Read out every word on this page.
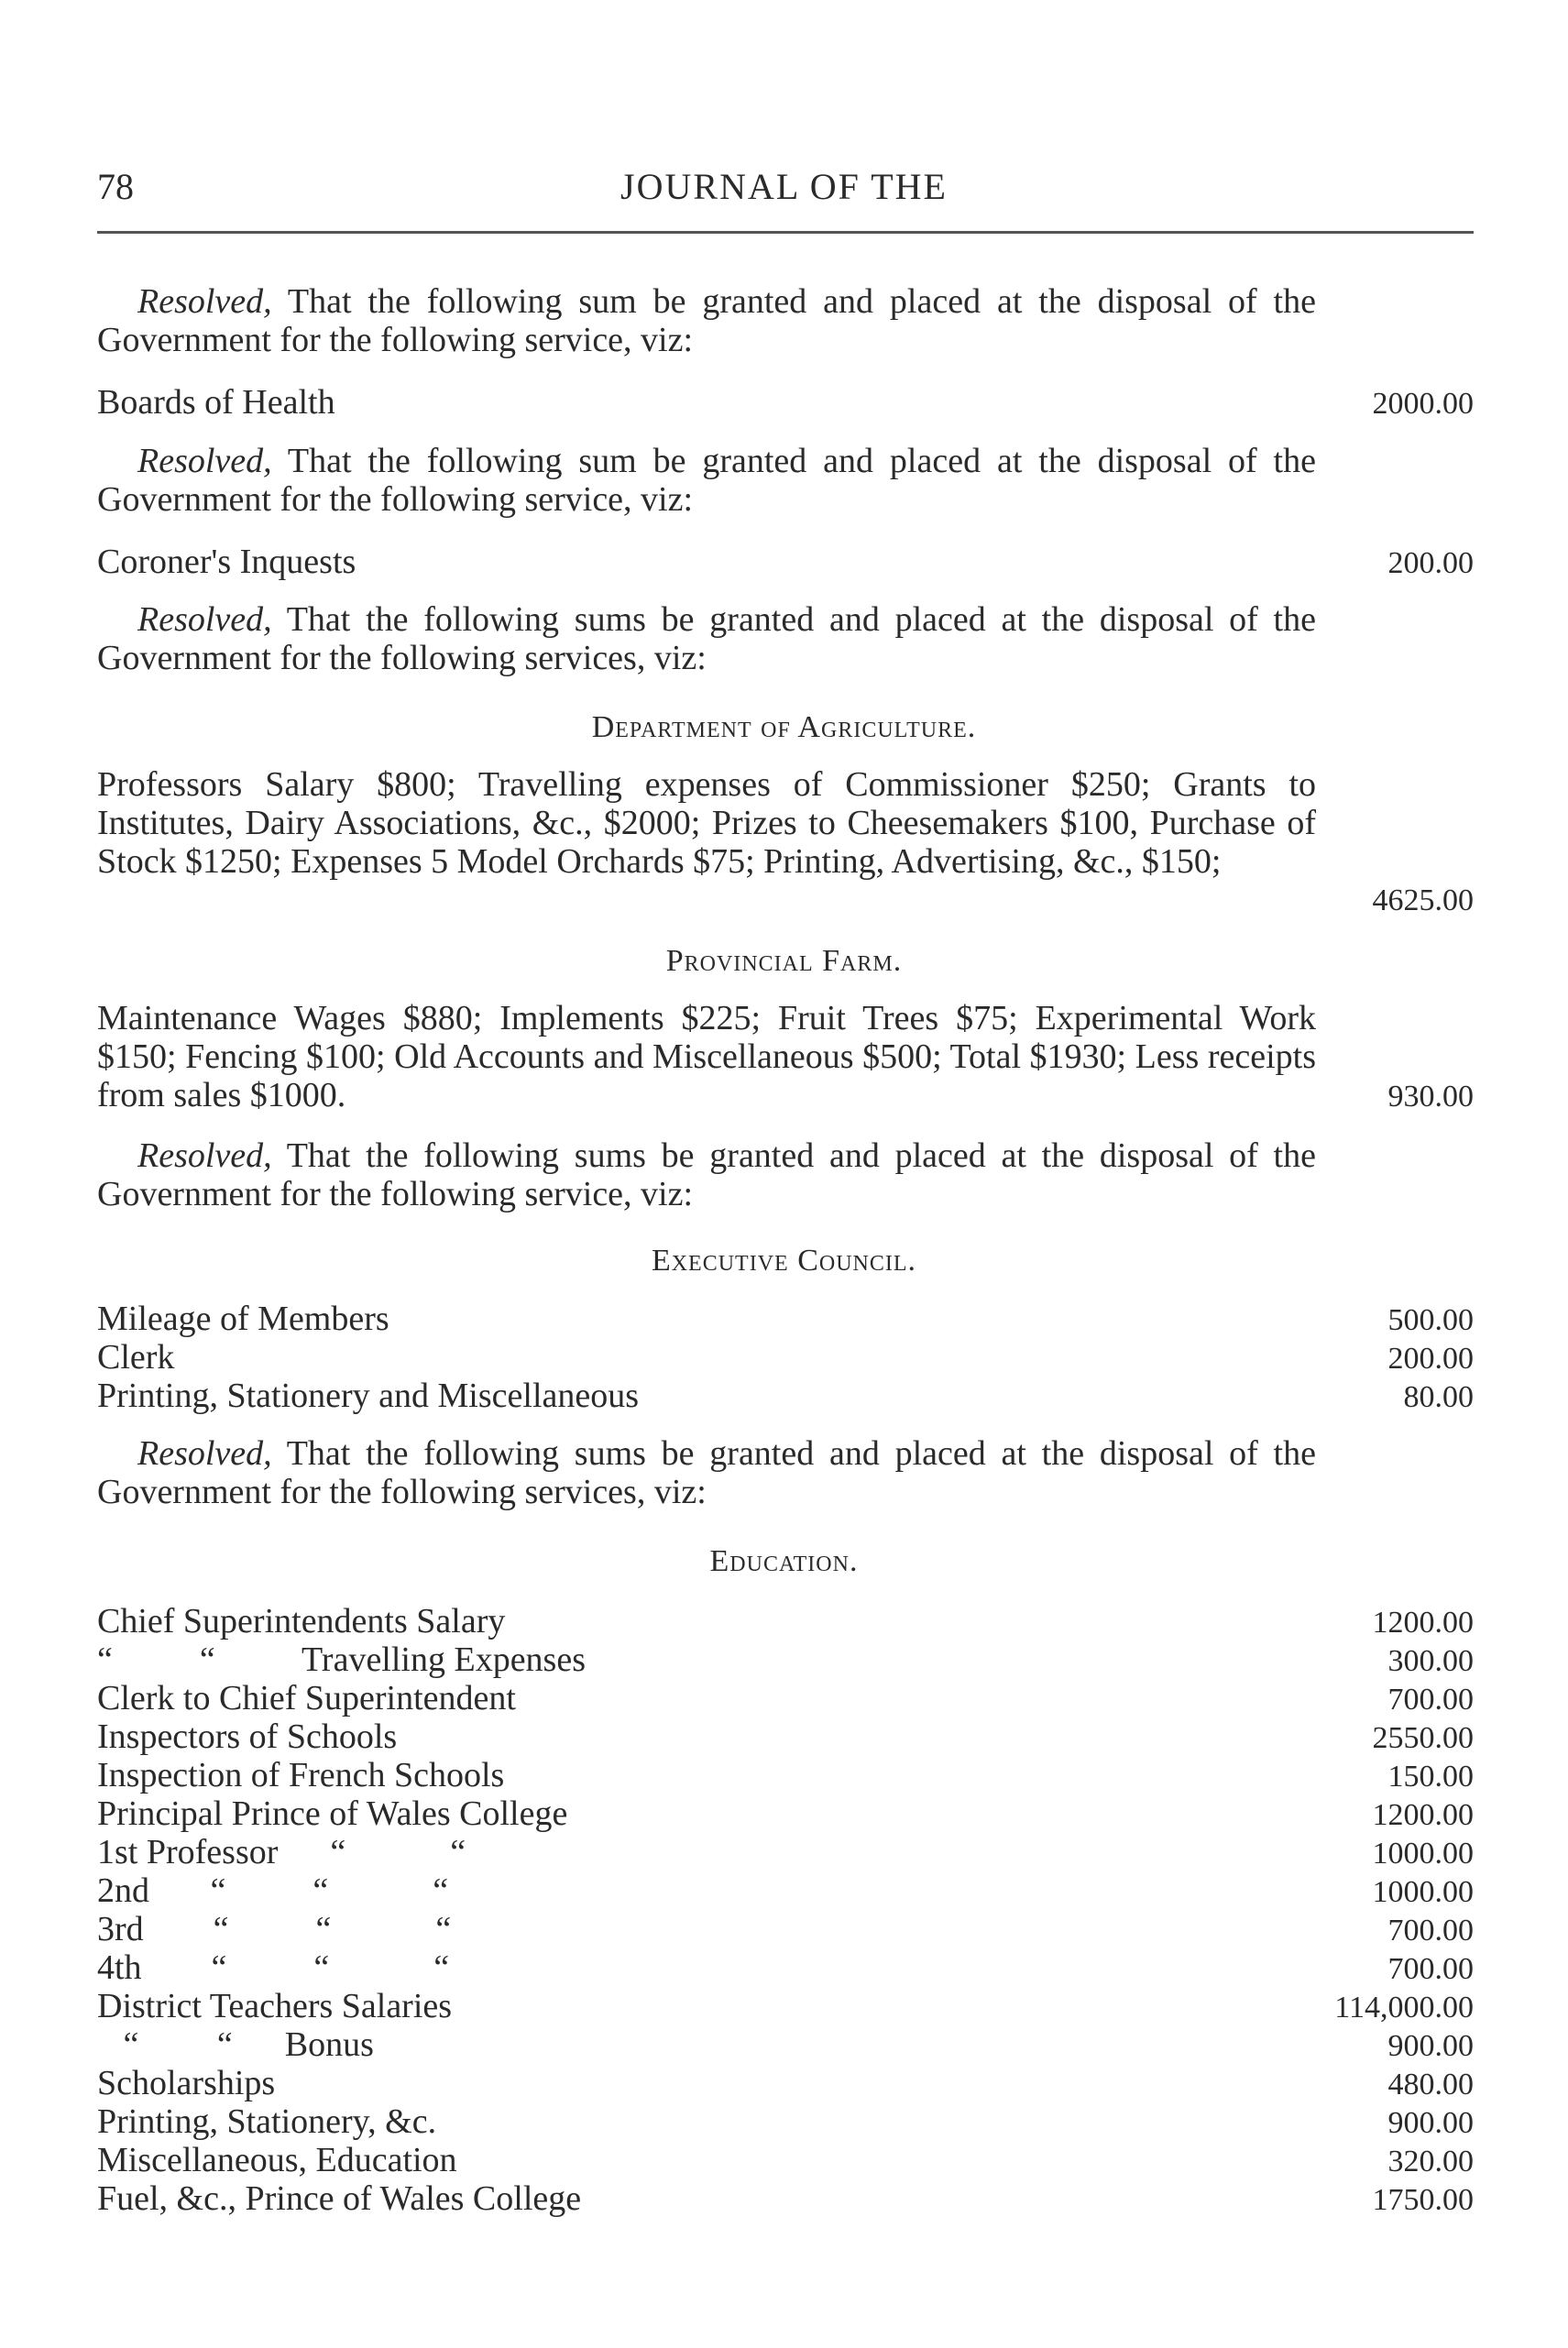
78	JOURNAL OF THE
Resolved, That the following sum be granted and placed at the disposal of the Government for the following service, viz:
Boards of Health	2000.00
Resolved, That the following sum be granted and placed at the disposal of the Government for the following service, viz:
Coroner's Inquests	200.00
Resolved, That the following sums be granted and placed at the disposal of the Government for the following services, viz:
Department of Agriculture.
Professors Salary $800; Travelling expenses of Commissioner $250; Grants to Institutes, Dairy Associations, &c., $2000; Prizes to Cheesemakers $100, Purchase of Stock $1250; Expenses 5 Model Orchards $75; Printing, Advertising, &c., $150;
4625.00
Provincial Farm.
Maintenance Wages $880; Implements $225; Fruit Trees $75; Experimental Work $150; Fencing $100; Old Accounts and Miscellaneous $500; Total $1930; Less receipts from sales $1000.	930.00
Resolved, That the following sums be granted and placed at the disposal of the Government for the following service, viz:
Executive Council.
Mileage of Members	500.00
Clerk	200.00
Printing, Stationery and Miscellaneous	80.00
Resolved, That the following sums be granted and placed at the disposal of the Government for the following services, viz:
Education.
Chief Superintendents Salary	1200.00
“          “          Travelling Expenses	300.00
Clerk to Chief Superintendent	700.00
Inspectors of Schools	2550.00
Inspection of French Schools	150.00
Principal Prince of Wales College	1200.00
1st Professor      “            “	1000.00
2nd       “          “            “	1000.00
3rd        “          “            “	700.00
4th        “          “            “	700.00
District Teachers Salaries	114,000.00
“         “      Bonus	900.00
Scholarships	480.00
Printing, Stationery, &c.	900.00
Miscellaneous, Education	320.00
Fuel, &c., Prince of Wales College	1750.00
